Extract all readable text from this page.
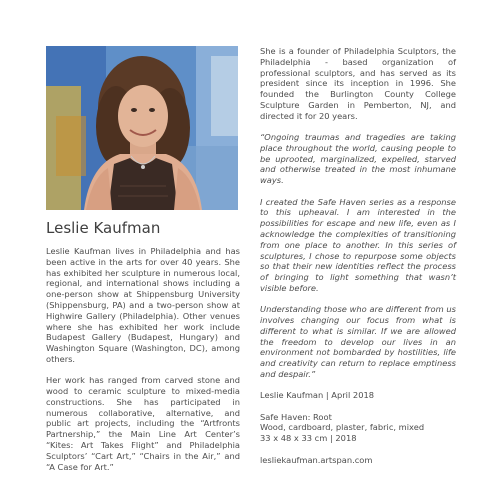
Leslie Kaufman

Leslie Kaufman lives in Philadelphia and has been active in the arts for over 40 years. She has exhibited her sculpture in numerous local, regional, and international shows including a one-person show at Shippensburg University (Shippensburg, PA) and a two-person show at Highwire Gallery (Philadelphia). Other venues where she has exhibited her work include Budapest Gallery (Budapest, Hungary) and Washington Square (Washington, DC), among others.

Her work has ranged from carved stone and wood to ceramic sculpture to mixed-media constructions. She has participated in numerous collaborative, alternative, and public art projects, including the “Artfronts Partnership,” the Main Line Art Center’s “Kites: Art Takes Flight” and Philadelphia Sculptors’ “Cart Art,” “Chairs in the Air,” and “A Case for Art.”

She is a founder of Philadelphia Sculptors, the Philadelphia - based organization of professional sculptors, and has served as its president since its inception in 1996. She founded the Burlington County College Sculpture Garden in Pemberton, NJ, and directed it for 20 years.

“Ongoing traumas and tragedies are taking place throughout the world, causing people to be uprooted, marginalized, expelled, starved and otherwise treated in the most inhumane ways.

I created the Safe Haven series as a response to this upheaval. I am interested in the possibilities for escape and new life, even as I acknowledge the complexities of transitioning from one place to another. In this series of sculptures, I chose to repurpose some objects so that their new identities reflect the process of bringing to light something that wasn’t visible before.

Understanding those who are different from us involves changing our focus from what is different to what is similar. If we are allowed the freedom to develop our lives in an environment not bombarded by hostilities, life and creativity can return to replace emptiness and despair.”

Leslie Kaufman | April 2018

Safe Haven: Root
Wood, cardboard, plaster, fabric, mixed
33 x 48 x 33 cm | 2018

lesliekaufman.artspan.com
